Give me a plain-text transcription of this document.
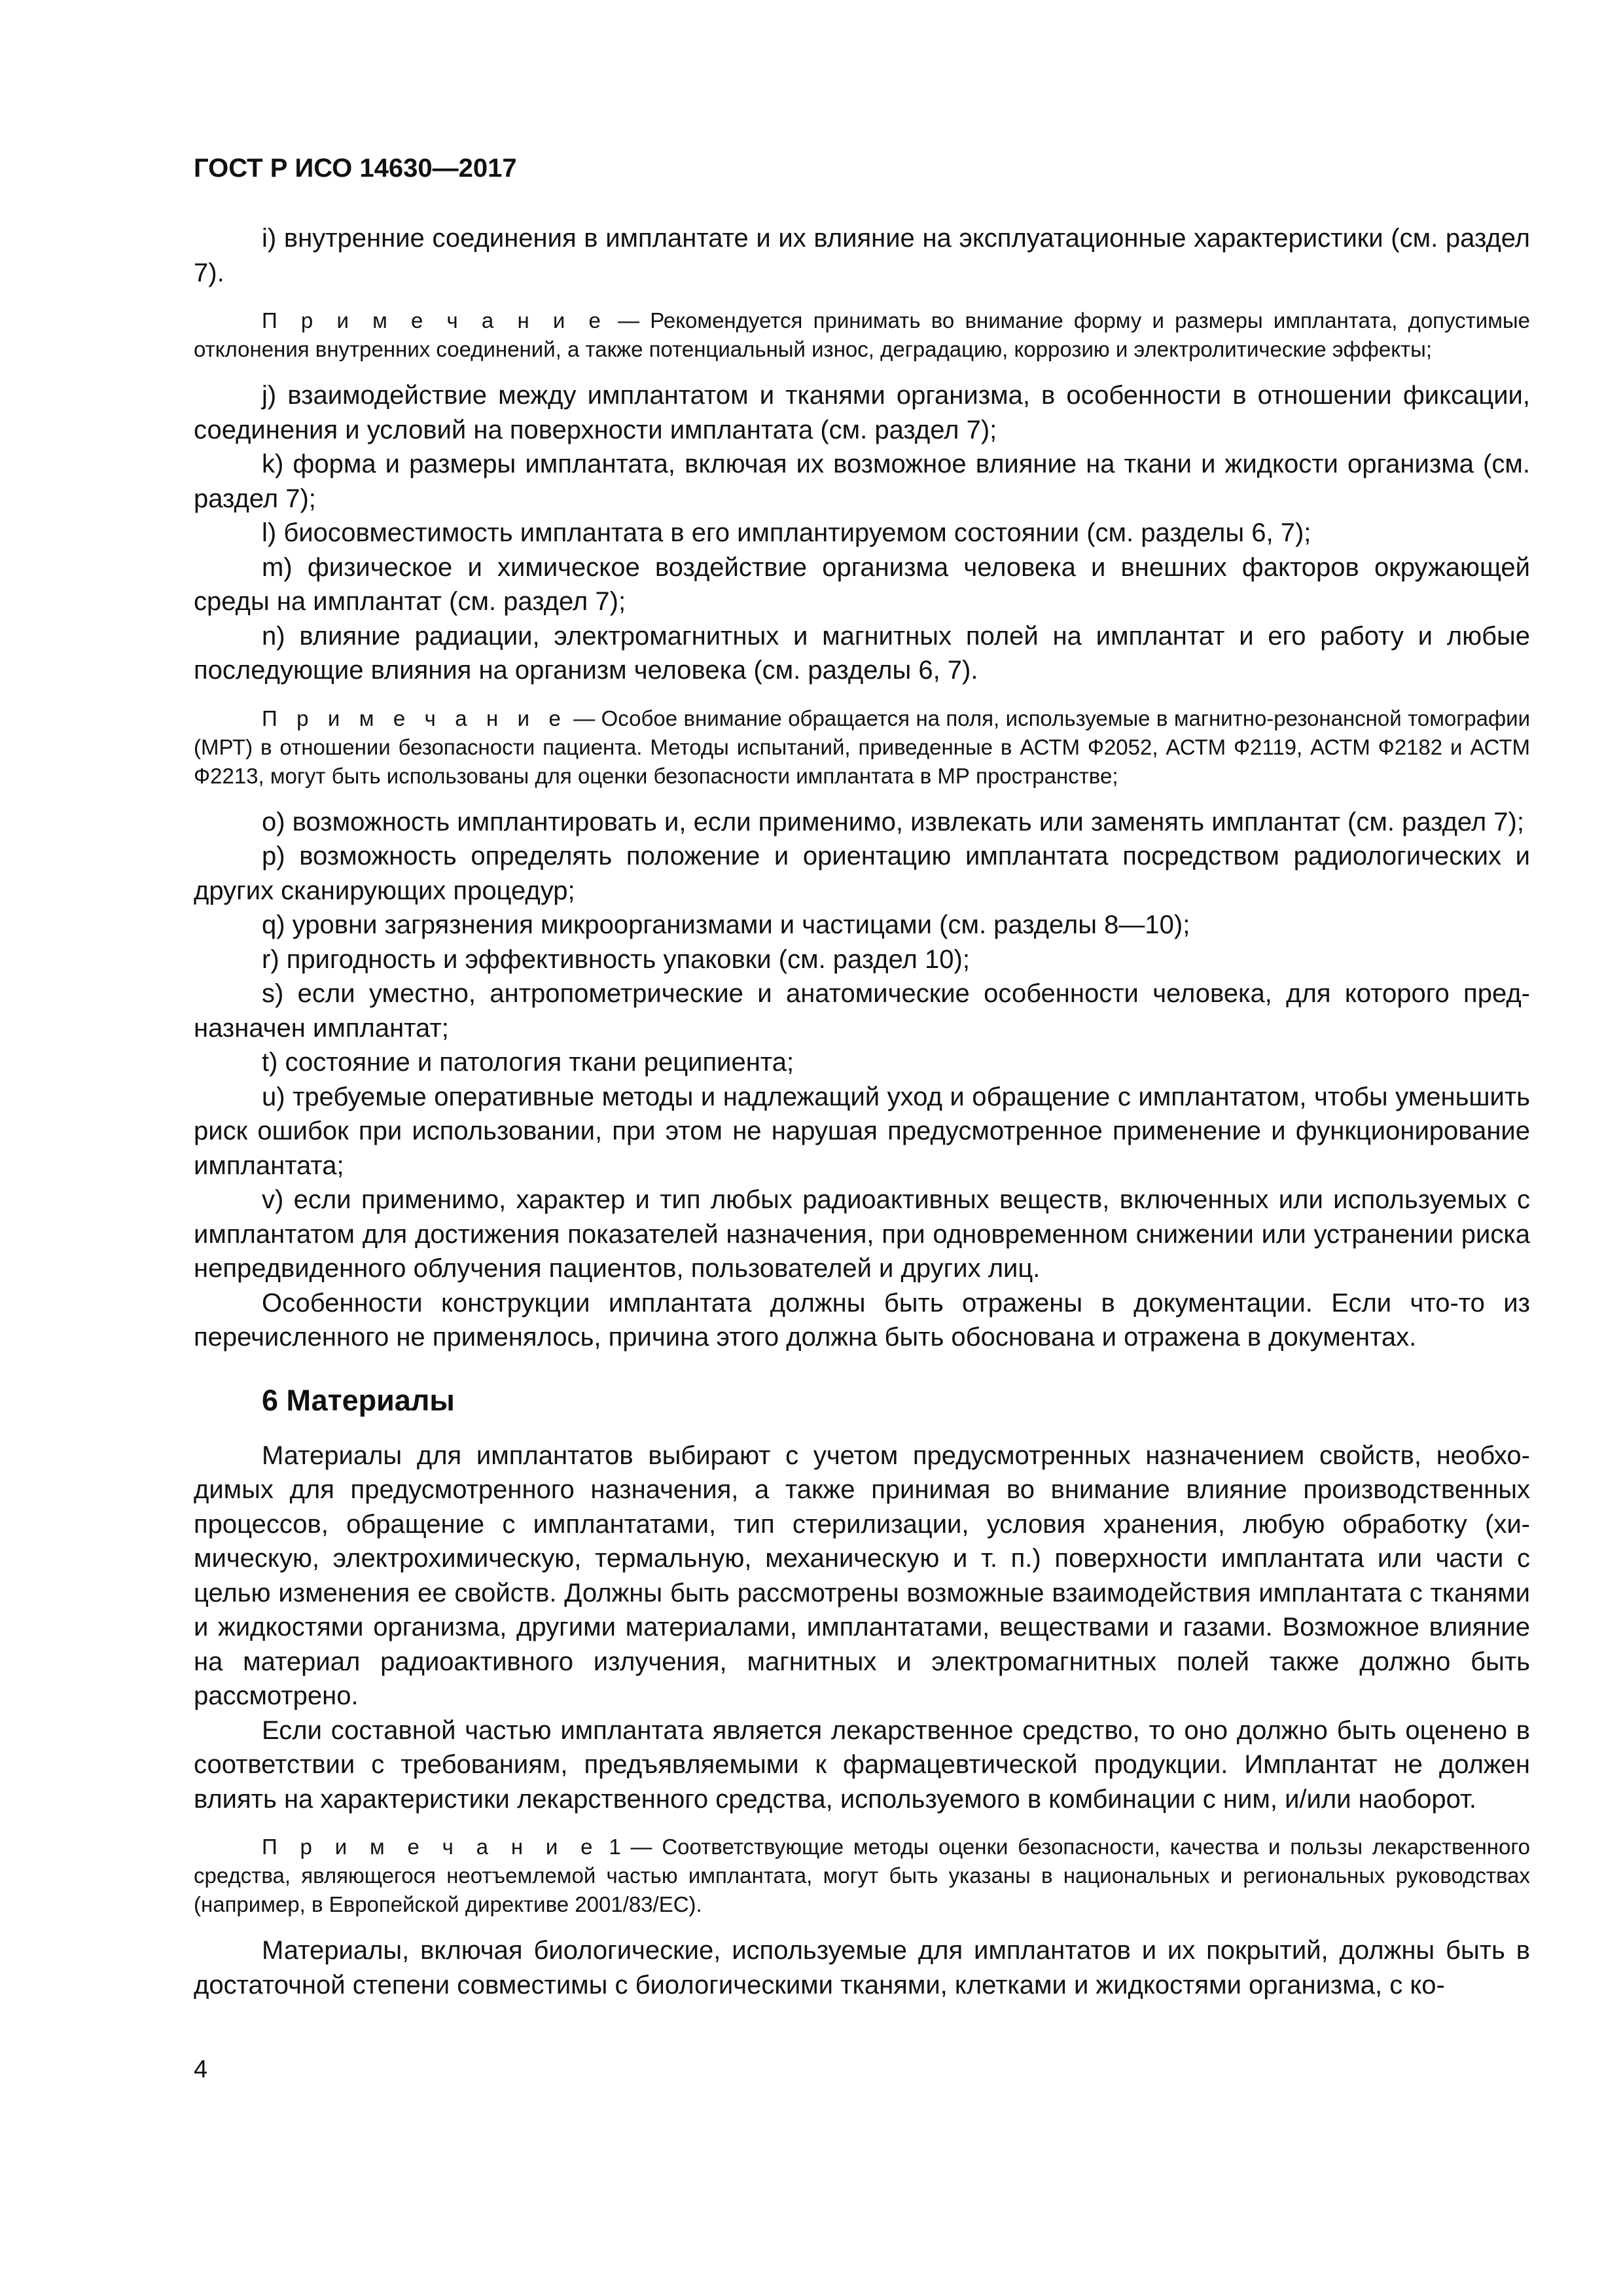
ГОСТ Р ИСО 14630—2017

i) внутренние соединения в имплантате и их влияние на эксплуатационные характеристики (см. раздел 7).

П р и м е ч а н и е — Рекомендуется принимать во внимание форму и размеры имплантата, допустимые отклонения внутренних соединений, а также потенциальный износ, деградацию, коррозию и электролитические эффекты;

j) взаимодействие между имплантатом и тканями организма, в особенности в отношении фиксации, соединения и условий на поверхности имплантата (см. раздел 7);

k) форма и размеры имплантата, включая их возможное влияние на ткани и жидкости организма (см. раздел 7);

l) биосовместимость имплантата в его имплантируемом состоянии (см. разделы 6, 7);

m) физическое и химическое воздействие организма человека и внешних факторов окружающей среды на имплантат (см. раздел 7);

n) влияние радиации, электромагнитных и магнитных полей на имплантат и его работу и любые последующие влияния на организм человека (см. разделы 6, 7).

П р и м е ч а н и е — Особое внимание обращается на поля, используемые в магнитно-резонансной томографии (МРТ) в отношении безопасности пациента. Методы испытаний, приведенные в АСТМ Ф2052, АСТМ Ф2119, АСТМ Ф2182 и АСТМ Ф2213, могут быть использованы для оценки безопасности имплантата в МР пространстве;

o) возможность имплантировать и, если применимо, извлекать или заменять имплантат (см. раздел 7);

p) возможность определять положение и ориентацию имплантата посредством радиологических и других сканирующих процедур;

q) уровни загрязнения микроорганизмами и частицами (см. разделы 8—10);

r) пригодность и эффективность упаковки (см. раздел 10);

s) если уместно, антропометрические и анатомические особенности человека, для которого предназначен имплантат;

t) состояние и патология ткани реципиента;

u) требуемые оперативные методы и надлежащий уход и обращение с имплантатом, чтобы уменьшить риск ошибок при использовании, при этом не нарушая предусмотренное применение и функционирование имплантата;

v) если применимо, характер и тип любых радиоактивных веществ, включенных или используемых с имплантатом для достижения показателей назначения, при одновременном снижении или устранении риска непредвиденного облучения пациентов, пользователей и других лиц.

Особенности конструкции имплантата должны быть отражены в документации. Если что-то из перечисленного не применялось, причина этого должна быть обоснована и отражена в документах.

6 Материалы

Материалы для имплантатов выбирают с учетом предусмотренных назначением свойств, необходимых для предусмотренного назначения, а также принимая во внимание влияние производственных процессов, обращение с имплантатами, тип стерилизации, условия хранения, любую обработку (химическую, электрохимическую, термальную, механическую и т. п.) поверхности имплантата или части с целью изменения ее свойств. Должны быть рассмотрены возможные взаимодействия имплантата с тканями и жидкостями организма, другими материалами, имплантатами, веществами и газами. Возможное влияние на материал радиоактивного излучения, магнитных и электромагнитных полей также должно быть рассмотрено.

Если составной частью имплантата является лекарственное средство, то оно должно быть оценено в соответствии с требованиям, предъявляемыми к фармацевтической продукции. Имплантат не должен влиять на характеристики лекарственного средства, используемого в комбинации с ним, и/или наоборот.

П р и м е ч а н и е 1 — Соответствующие методы оценки безопасности, качества и пользы лекарственного средства, являющегося неотъемлемой частью имплантата, могут быть указаны в национальных и региональных руководствах (например, в Европейской директиве 2001/83/ЕС).

Материалы, включая биологические, используемые для имплантатов и их покрытий, должны быть в достаточной степени совместимы с биологическими тканями, клетками и жидкостями организма, с ко-

4
